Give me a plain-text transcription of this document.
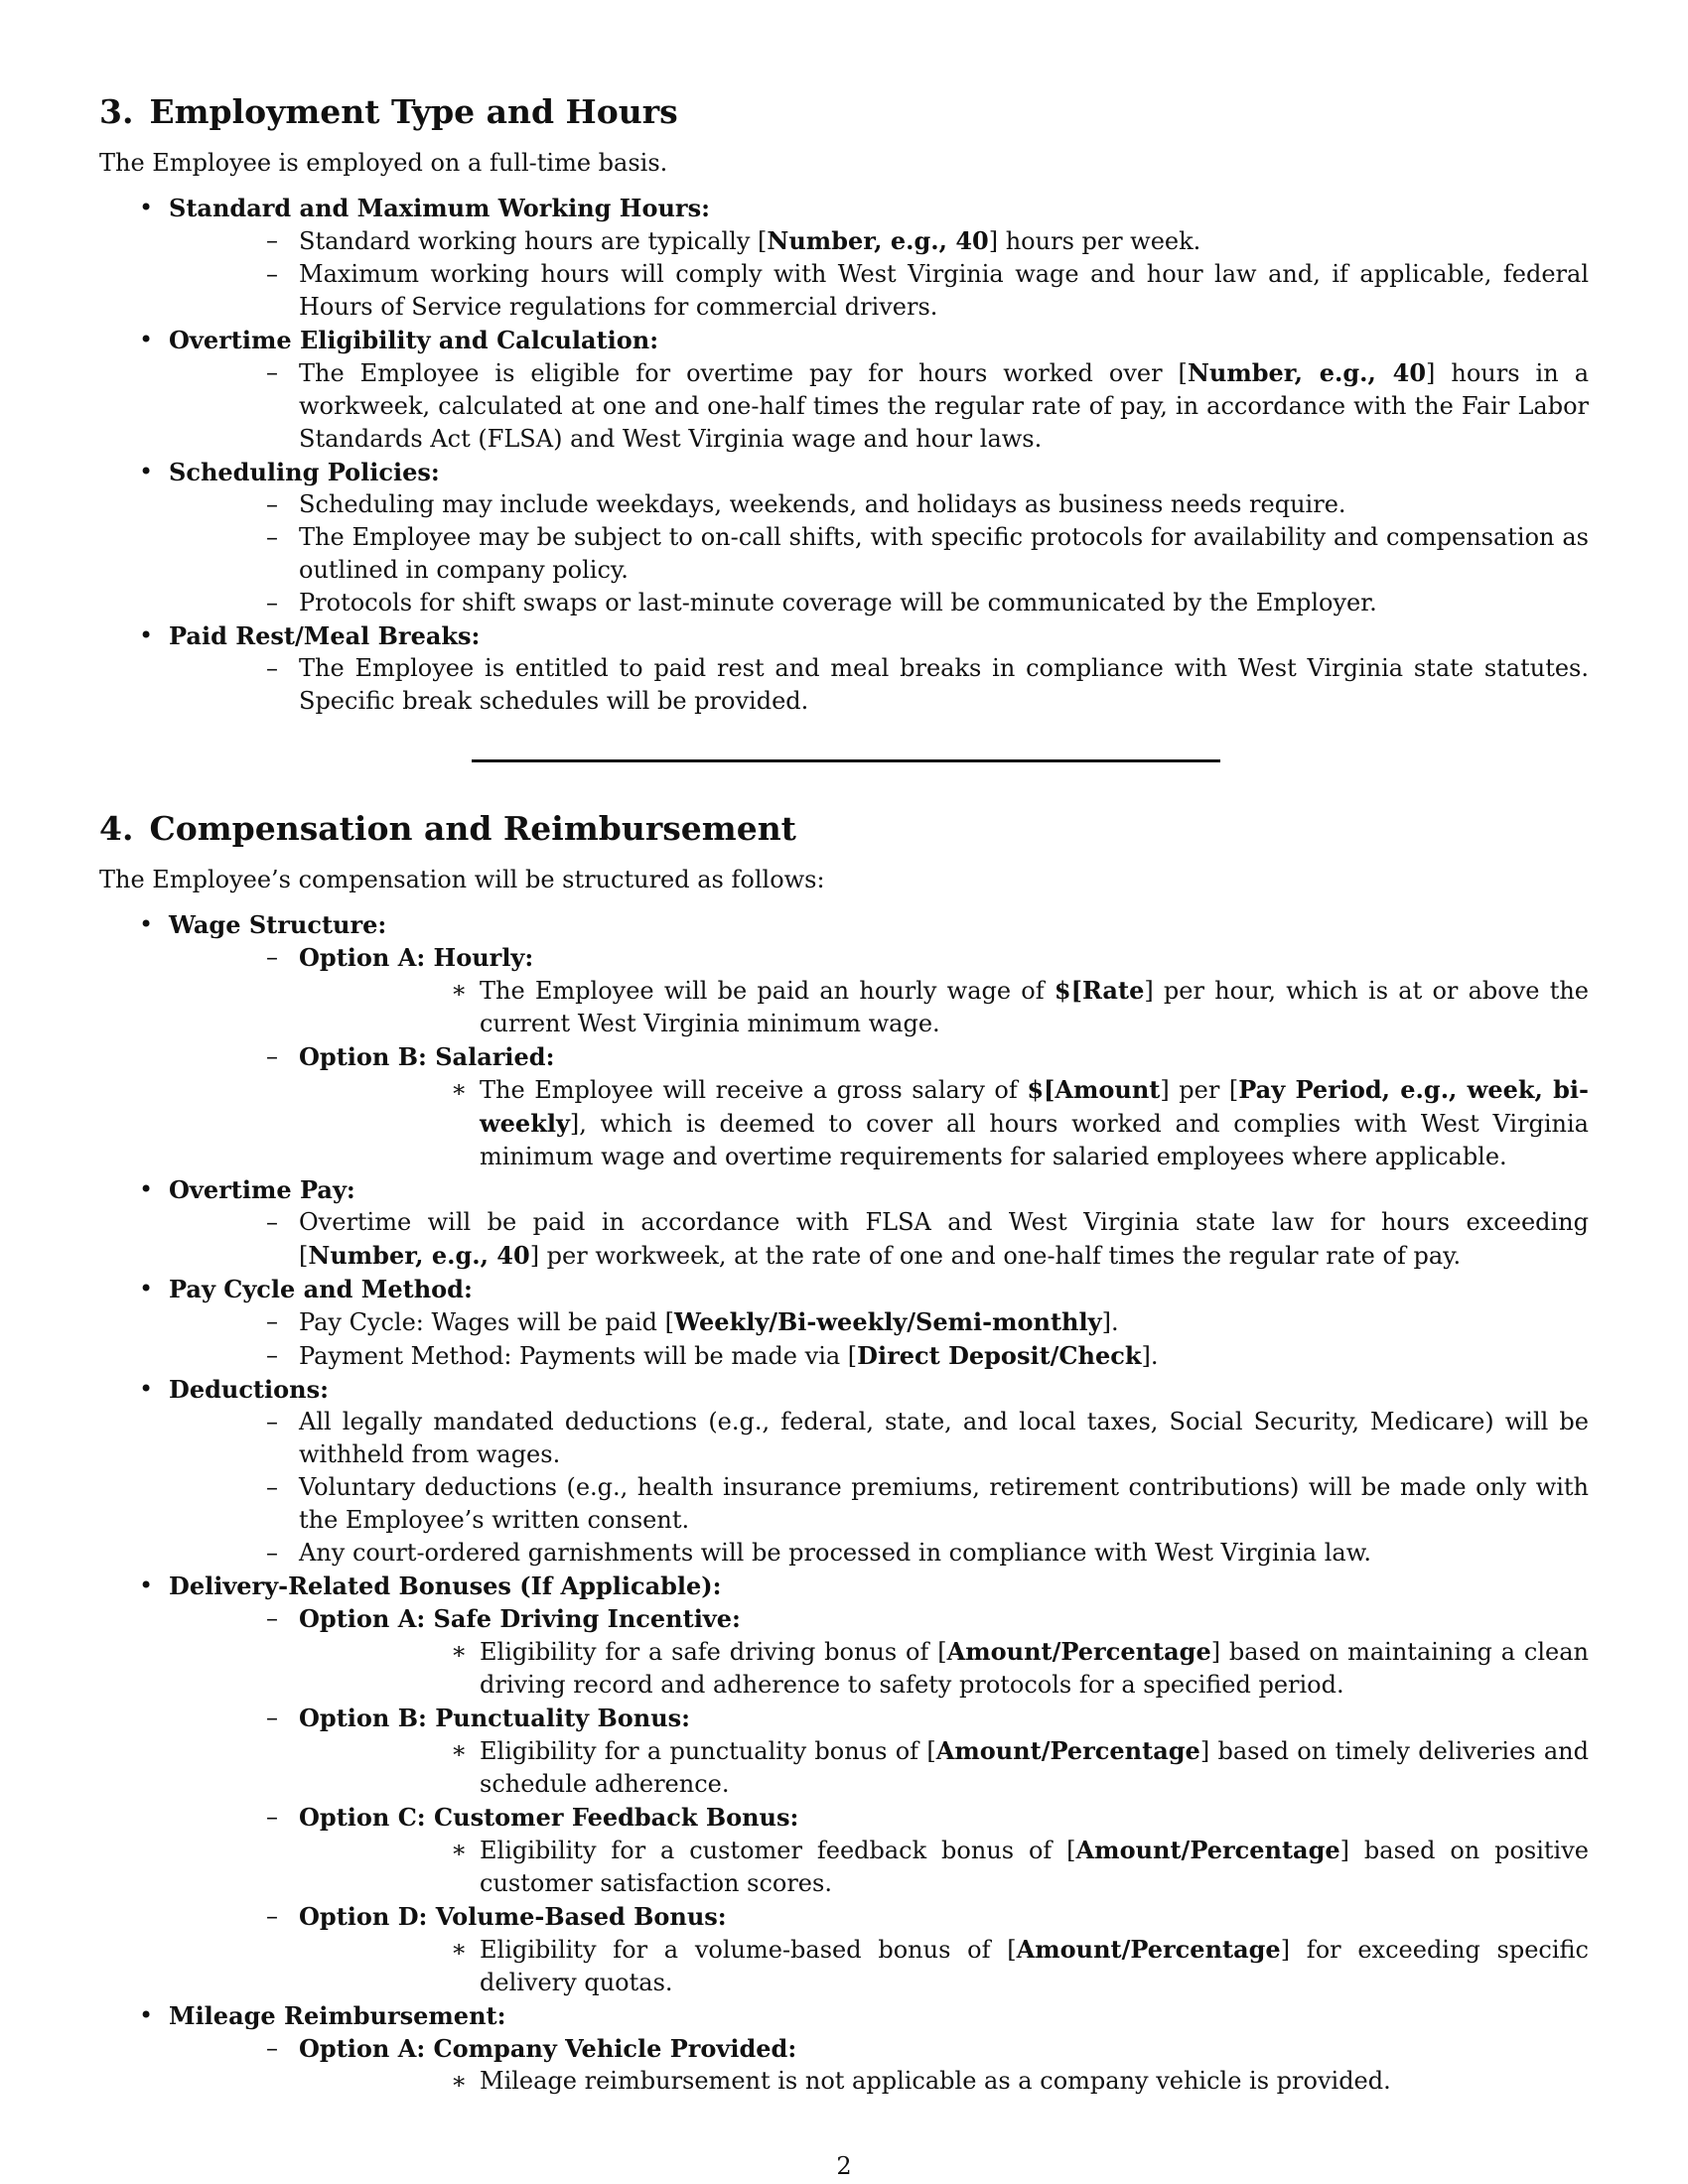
3. Employment Type and Hours

The Employee is employed on a full-time basis.

• Standard and Maximum Working Hours:
– Standard working hours are typically [Number, e.g., 40] hours per week.
– Maximum working hours will comply with West Virginia wage and hour law and, if applicable, federal Hours of Service regulations for commercial drivers.
• Overtime Eligibility and Calculation:
– The Employee is eligible for overtime pay for hours worked over [Number, e.g., 40] hours in a workweek, calculated at one and one-half times the regular rate of pay, in accordance with the Fair Labor Standards Act (FLSA) and West Virginia wage and hour laws.
• Scheduling Policies:
– Scheduling may include weekdays, weekends, and holidays as business needs require.
– The Employee may be subject to on-call shifts, with specific protocols for availability and compensation as outlined in company policy.
– Protocols for shift swaps or last-minute coverage will be communicated by the Employer.
• Paid Rest/Meal Breaks:
– The Employee is entitled to paid rest and meal breaks in compliance with West Virginia state statutes. Specific break schedules will be provided.
4. Compensation and Reimbursement

The Employee’s compensation will be structured as follows:

• Wage Structure:
– Option A: Hourly:
∗ The Employee will be paid an hourly wage of $[Rate] per hour, which is at or above the current West Virginia minimum wage.
– Option B: Salaried:
∗ The Employee will receive a gross salary of $[Amount] per [Pay Period, e.g., week, bi-weekly], which is deemed to cover all hours worked and complies with West Virginia minimum wage and overtime requirements for salaried employees where applicable.
• Overtime Pay:
– Overtime will be paid in accordance with FLSA and West Virginia state law for hours exceeding [Number, e.g., 40] per workweek, at the rate of one and one-half times the regular rate of pay.
• Pay Cycle and Method:
– Pay Cycle: Wages will be paid [Weekly/Bi-weekly/Semi-monthly].
– Payment Method: Payments will be made via [Direct Deposit/Check].
• Deductions:
– All legally mandated deductions (e.g., federal, state, and local taxes, Social Security, Medicare) will be withheld from wages.
– Voluntary deductions (e.g., health insurance premiums, retirement contributions) will be made only with the Employee’s written consent.
– Any court-ordered garnishments will be processed in compliance with West Virginia law.
• Delivery-Related Bonuses (If Applicable):
– Option A: Safe Driving Incentive:
∗ Eligibility for a safe driving bonus of [Amount/Percentage] based on maintaining a clean driving record and adherence to safety protocols for a specified period.
– Option B: Punctuality Bonus:
∗ Eligibility for a punctuality bonus of [Amount/Percentage] based on timely deliveries and schedule adherence.
– Option C: Customer Feedback Bonus:
∗ Eligibility for a customer feedback bonus of [Amount/Percentage] based on positive customer satisfaction scores.
– Option D: Volume-Based Bonus:
∗ Eligibility for a volume-based bonus of [Amount/Percentage] for exceeding specific delivery quotas.
• Mileage Reimbursement:
– Option A: Company Vehicle Provided:
∗ Mileage reimbursement is not applicable as a company vehicle is provided.
2
